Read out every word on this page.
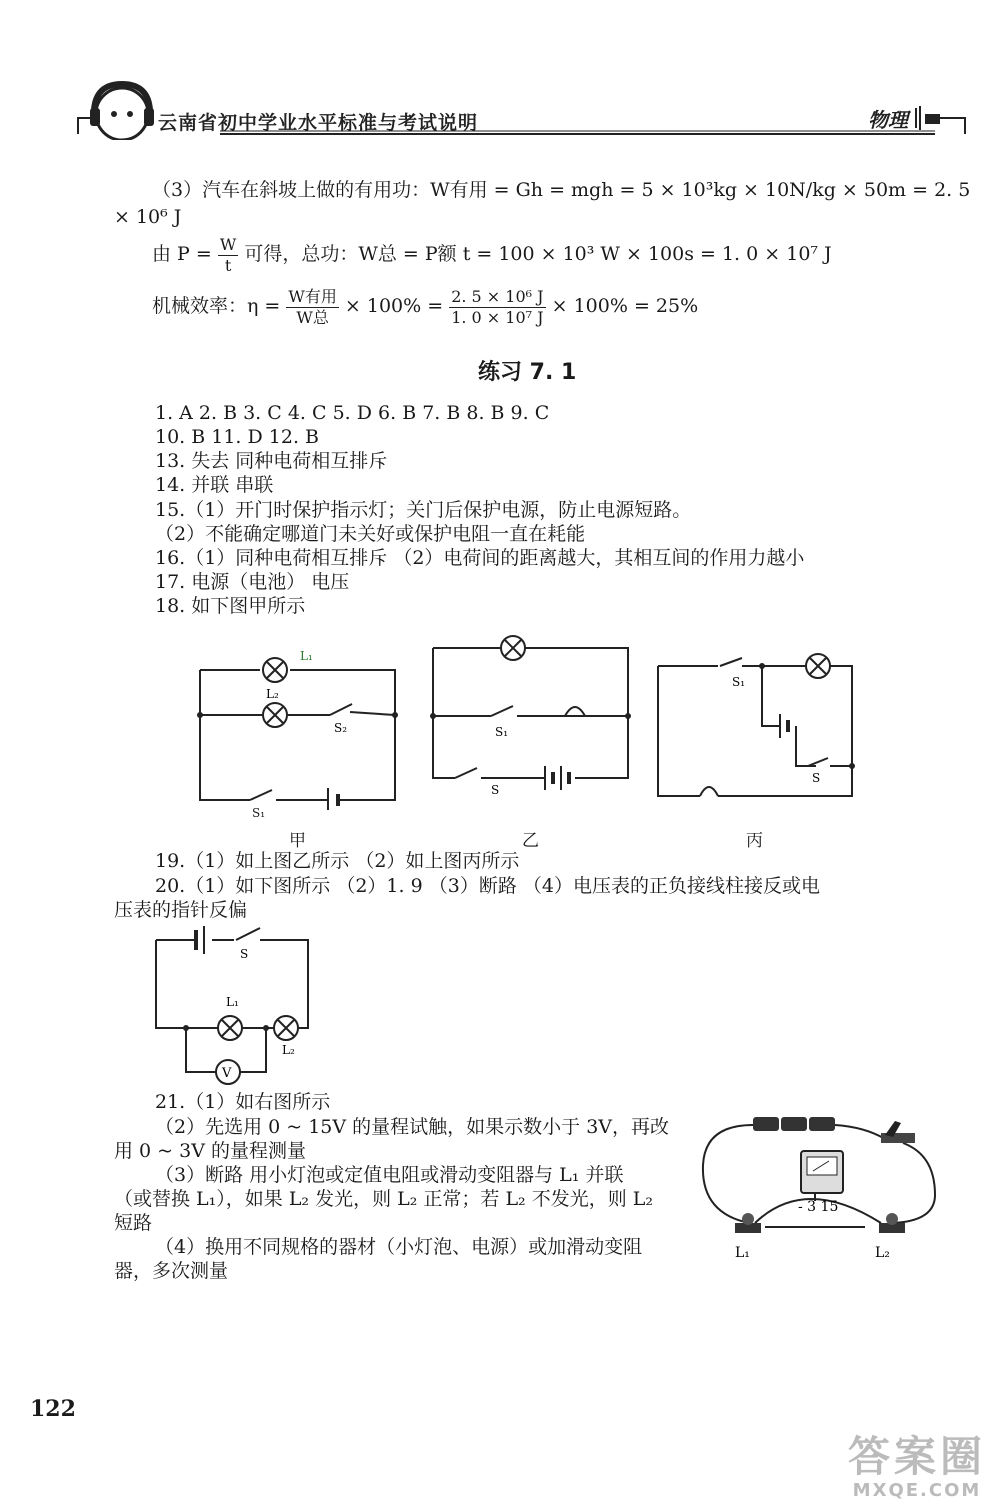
云南省初中学业水平标准与考试说明	物理
（3）汽车在斜坡上做的有用功：W有用 = Gh = mgh = 5 × 10³kg × 10N/kg × 50m = 2. 5
× 10⁶ J
由 $P = \frac{W}{t}$ 可得，总功：W总 = P额 t = 100 × 10³ W × 100s = 1. 0 × 10⁷ J
机械效率：$\eta = \frac{\text{W有用}}{\text{W总}} \times 100\% = \frac{\text{2. 5 × 10⁶ J}}{\text{1. 0 × 10⁷ J}} \times 100\% = 25\%$
练习 7. 1
1. A 2. B 3. C 4. C 5. D 6. B 7. B 8. B 9. C
10. B 11. D 12. B
13. 失去 同种电荷相互排斥
14. 并联 串联
15.（1）开门时保护指示灯；关门后保护电源，防止电源短路。
（2）不能确定哪道门未关好或保护电阻一直在耗能
16.（1）同种电荷相互排斥 （2）电荷间的距离越大，其相互间的作用力越小
17. 电源（电池） 电压
18. 如下图甲所示
L₁
L₂
S₂
S₁
甲
S₁
S
乙
S₁
S
丙
19.（1）如上图乙所示 （2）如上图丙所示
20.（1）如下图所示 （2）1. 9 （3）断路 （4）电压表的正负接线柱接反或电
压表的指针反偏
S
L₁
L₂
V
21.（1）如右图所示
（2）先选用 0 ~ 15V 的量程试触，如果示数小于 3V，再改
用 0 ~ 3V 的量程测量
（3）断路 用小灯泡或定值电阻或滑动变阻器与 L₁ 并联
（或替换 L₁），如果 L₂ 发光，则 L₂ 正常；若 L₂ 不发光，则 L₂
短路
（4）换用不同规格的器材（小灯泡、电源）或加滑动变阻
器，多次测量
- 3 15
L₁	L₂
122
答案圈
MXQE.COM
